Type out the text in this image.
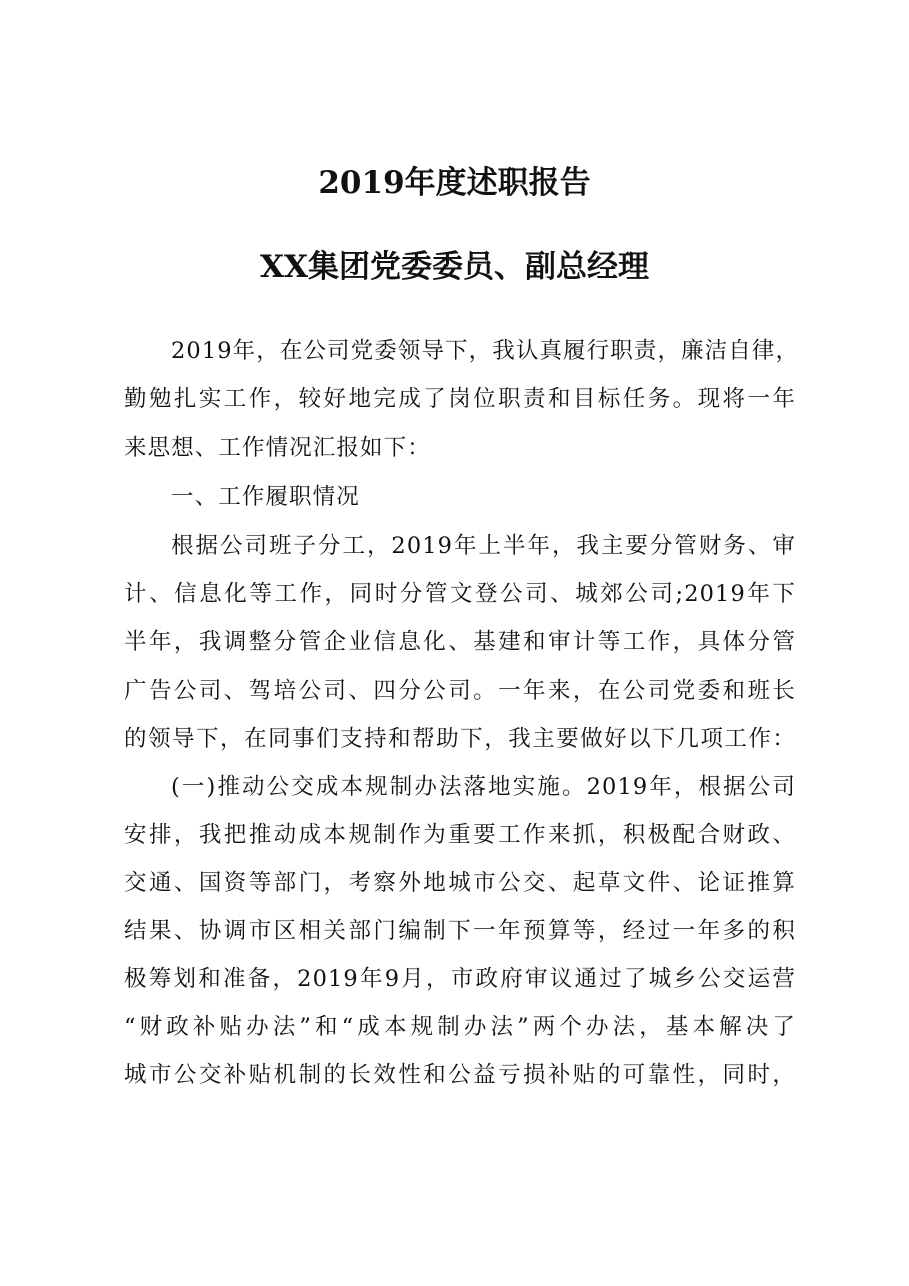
2019年度述职报告
XX集团党委委员、副总经理

2019年，在公司党委领导下，我认真履行职责，廉洁自律，

勤勉扎实工作，较好地完成了岗位职责和目标任务。现将一年

来思想、工作情况汇报如下：

一、工作履职情况

根据公司班子分工，2019年上半年，我主要分管财务、审

计、信息化等工作，同时分管文登公司、城郊公司;2019年下

半年，我调整分管企业信息化、基建和审计等工作，具体分管

广告公司、驾培公司、四分公司。一年来，在公司党委和班长

的领导下，在同事们支持和帮助下，我主要做好以下几项工作：

(一)推动公交成本规制办法落地实施。2019年，根据公司

安排，我把推动成本规制作为重要工作来抓，积极配合财政、

交通、国资等部门，考察外地城市公交、起草文件、论证推算

结果、协调市区相关部门编制下一年预算等，经过一年多的积

极筹划和准备，2019年9月，市政府审议通过了城乡公交运营

“财政补贴办法”和“成本规制办法”两个办法，基本解决了

城市公交补贴机制的长效性和公益亏损补贴的可靠性，同时，
